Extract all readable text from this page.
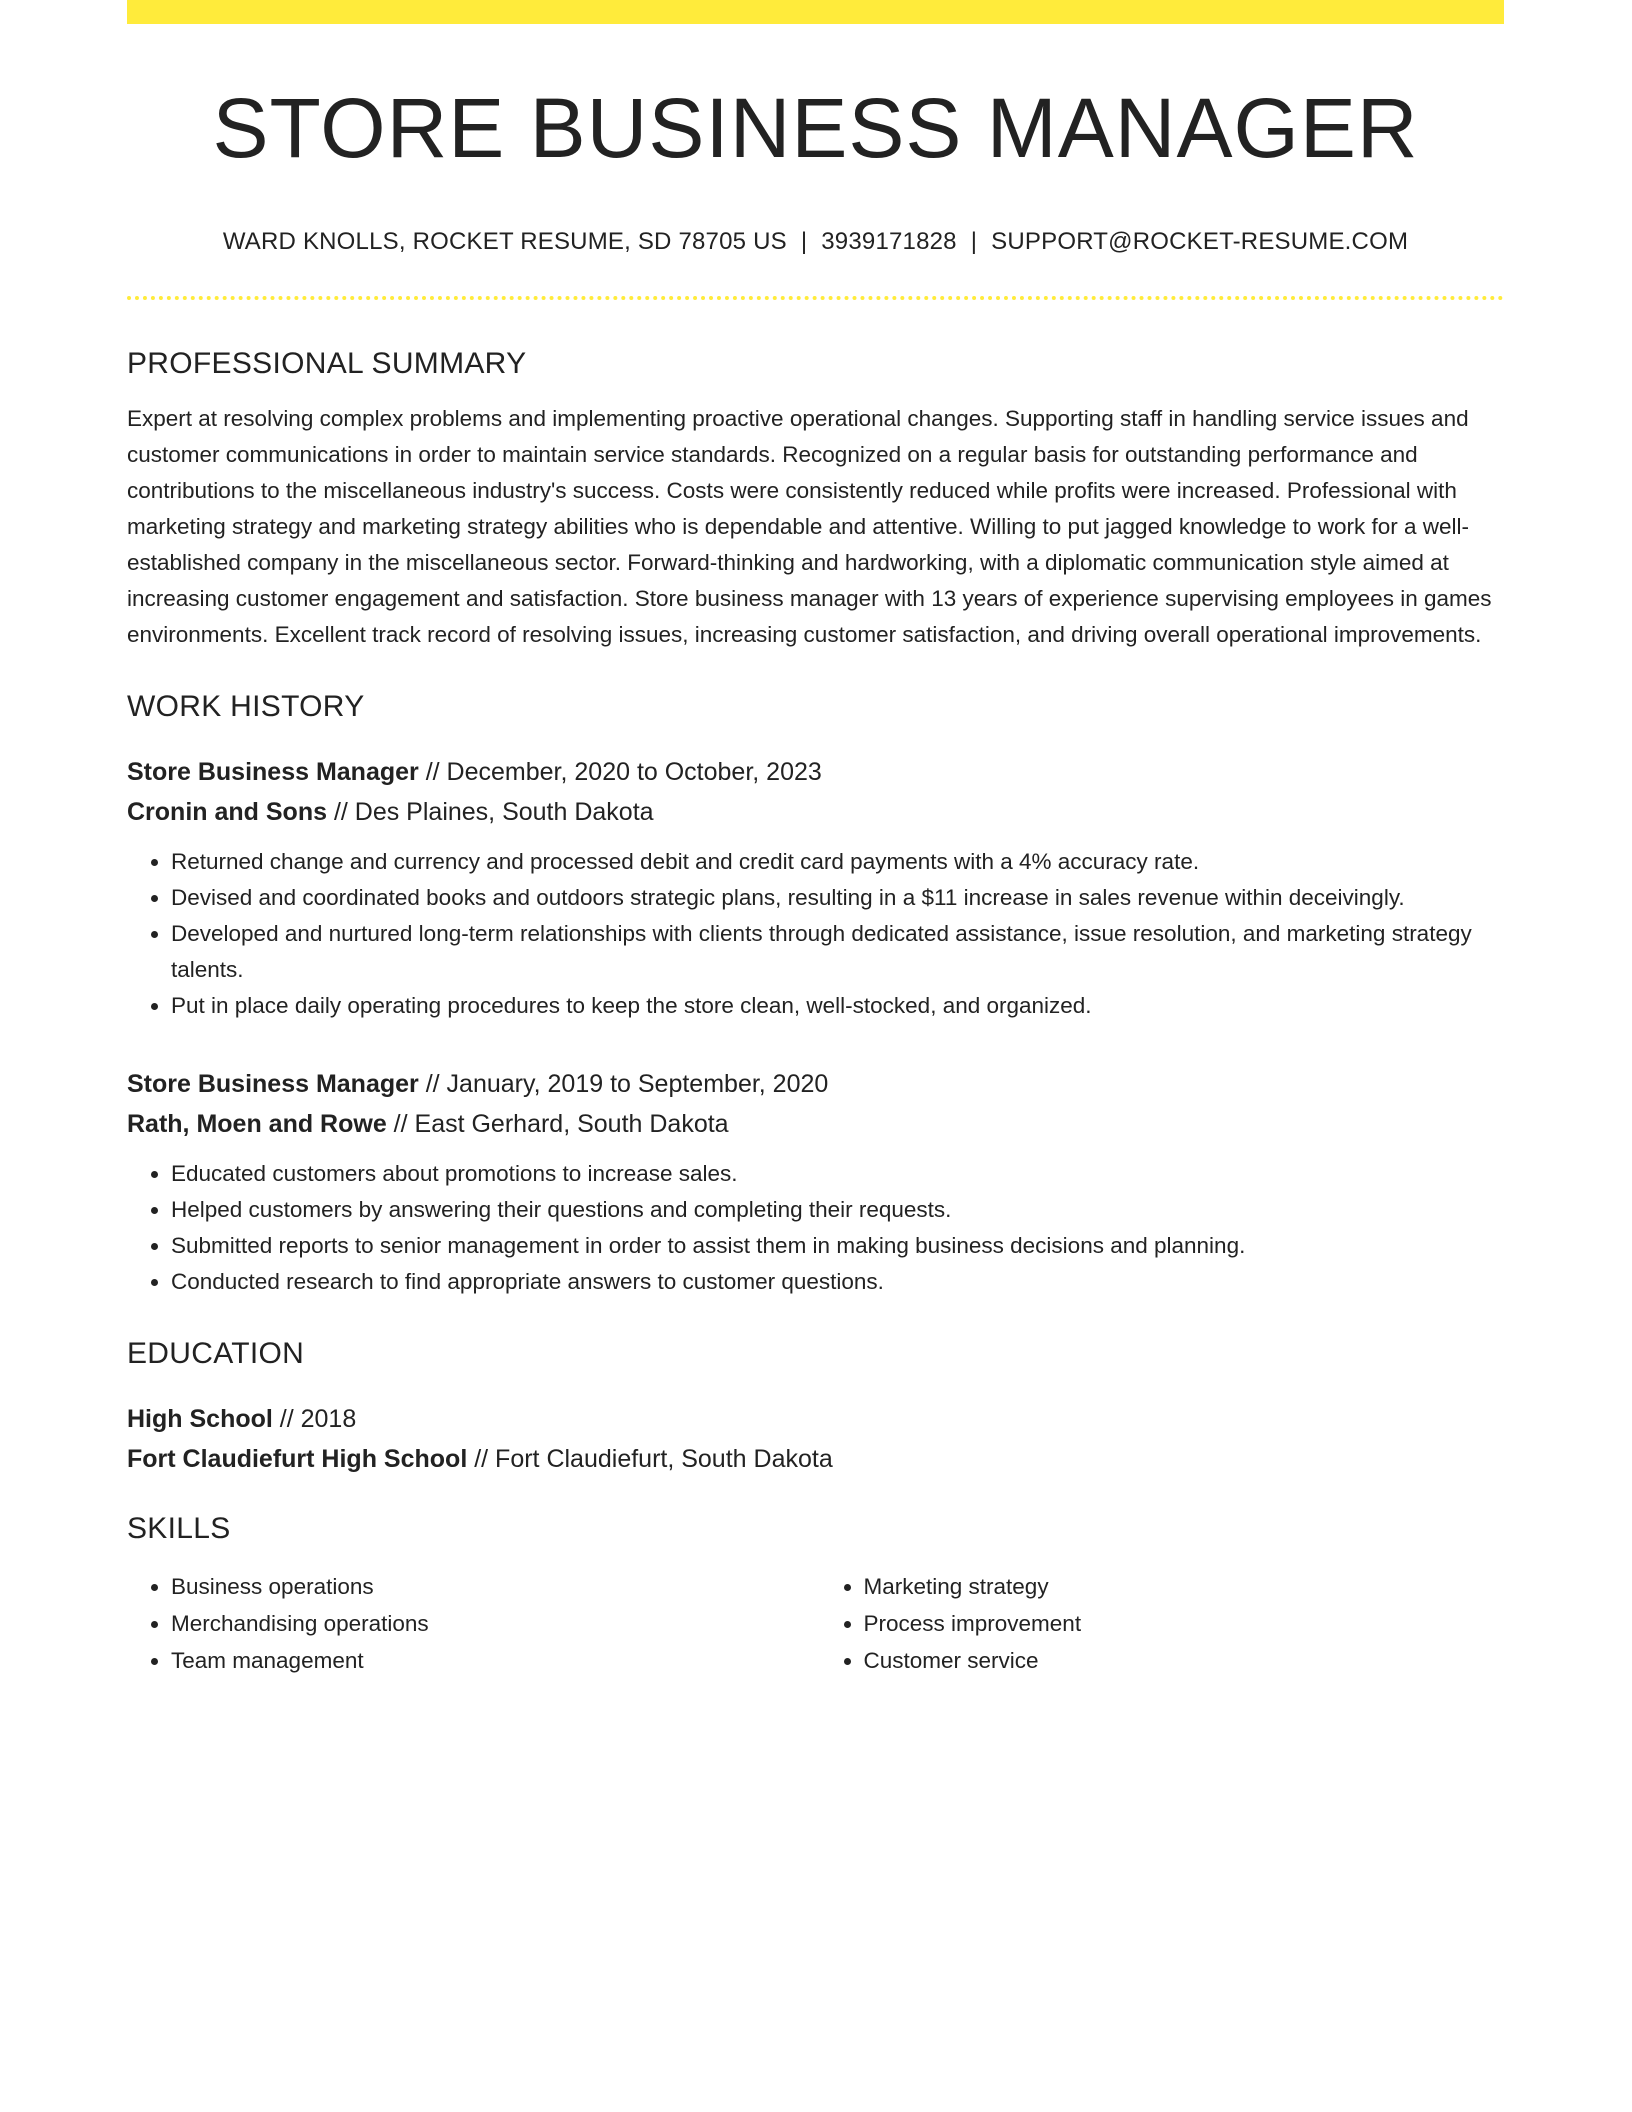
STORE BUSINESS MANAGER
WARD KNOLLS, ROCKET RESUME, SD 78705 US | 3939171828 | SUPPORT@ROCKET-RESUME.COM
PROFESSIONAL SUMMARY
Expert at resolving complex problems and implementing proactive operational changes. Supporting staff in handling service issues and customer communications in order to maintain service standards. Recognized on a regular basis for outstanding performance and contributions to the miscellaneous industry's success. Costs were consistently reduced while profits were increased. Professional with marketing strategy and marketing strategy abilities who is dependable and attentive. Willing to put jagged knowledge to work for a well-established company in the miscellaneous sector. Forward-thinking and hardworking, with a diplomatic communication style aimed at increasing customer engagement and satisfaction. Store business manager with 13 years of experience supervising employees in games environments. Excellent track record of resolving issues, increasing customer satisfaction, and driving overall operational improvements.
WORK HISTORY
Store Business Manager // December, 2020 to October, 2023
Cronin and Sons // Des Plaines, South Dakota
• Returned change and currency and processed debit and credit card payments with a 4% accuracy rate.
• Devised and coordinated books and outdoors strategic plans, resulting in a $11 increase in sales revenue within deceivingly.
• Developed and nurtured long-term relationships with clients through dedicated assistance, issue resolution, and marketing strategy talents.
• Put in place daily operating procedures to keep the store clean, well-stocked, and organized.
Store Business Manager // January, 2019 to September, 2020
Rath, Moen and Rowe // East Gerhard, South Dakota
• Educated customers about promotions to increase sales.
• Helped customers by answering their questions and completing their requests.
• Submitted reports to senior management in order to assist them in making business decisions and planning.
• Conducted research to find appropriate answers to customer questions.
EDUCATION
High School // 2018
Fort Claudiefurt High School // Fort Claudiefurt, South Dakota
SKILLS
• Business operations
• Merchandising operations
• Team management
• Marketing strategy
• Process improvement
• Customer service
